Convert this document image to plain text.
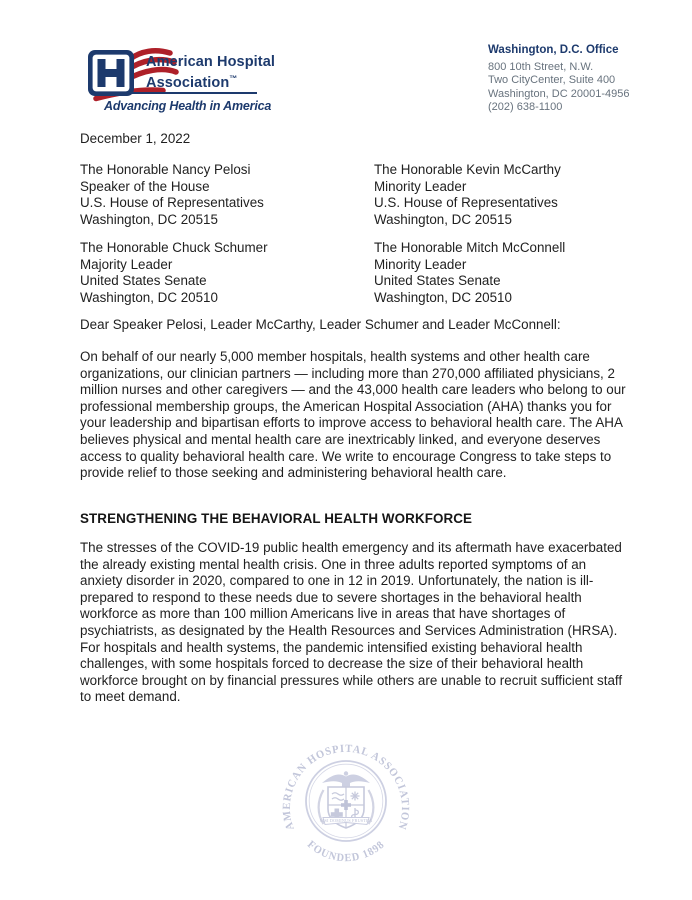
American Hospital
Association™
Advancing Health in America
Washington, D.C. Office
800 10th Street, N.W.
Two CityCenter, Suite 400
Washington, DC 20001-4956
(202) 638-1100
December 1, 2022
The Honorable Nancy Pelosi
Speaker of the House
U.S. House of Representatives
Washington, DC 20515
The Honorable Kevin McCarthy
Minority Leader
U.S. House of Representatives
Washington, DC 20515
The Honorable Chuck Schumer
Majority Leader
United States Senate
Washington, DC 20510
The Honorable Mitch McConnell
Minority Leader
United States Senate
Washington, DC 20510
Dear Speaker Pelosi, Leader McCarthy, Leader Schumer and Leader McConnell:
On behalf of our nearly 5,000 member hospitals, health systems and other health care organizations, our clinician partners — including more than 270,000 affiliated physicians, 2 million nurses and other caregivers — and the 43,000 health care leaders who belong to our professional membership groups, the American Hospital Association (AHA) thanks you for your leadership and bipartisan efforts to improve access to behavioral health care. The AHA believes physical and mental health care are inextricably linked, and everyone deserves access to quality behavioral health care. We write to encourage Congress to take steps to provide relief to those seeking and administering behavioral health care.
STRENGTHENING THE BEHAVIORAL HEALTH WORKFORCE
The stresses of the COVID-19 public health emergency and its aftermath have exacerbated the already existing mental health crisis. One in three adults reported symptoms of an anxiety disorder in 2020, compared to one in 12 in 2019. Unfortunately, the nation is ill-prepared to respond to these needs due to severe shortages in the behavioral health workforce as more than 100 million Americans live in areas that have shortages of psychiatrists, as designated by the Health Resources and Services Administration (HRSA). For hospitals and health systems, the pandemic intensified existing behavioral health challenges, with some hospitals forced to decrease the size of their behavioral health workforce brought on by financial pressures while others are unable to recruit sufficient staff to meet demand.
AMERICAN HOSPITAL ASSOCIATION
FOUNDED 1898
NISI DOMINUS FRUSTRA
